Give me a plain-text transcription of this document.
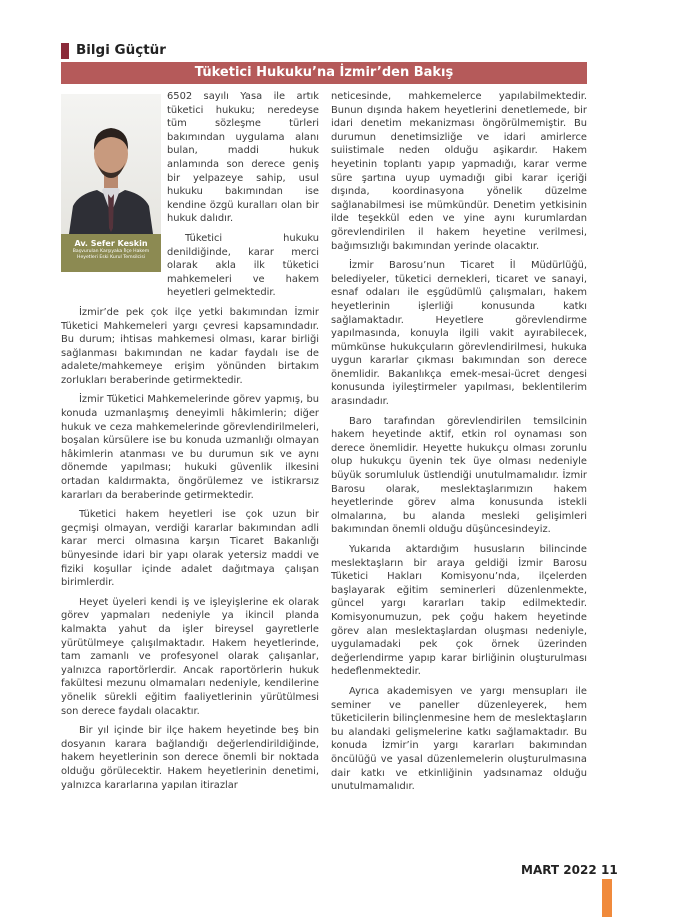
Bilgi Güçtür
Tüketici Hukuku’na İzmir’den Bakış
Av. Sefer Keskin
Başvurulan Karşıyaka İlçe Hakem Heyetleri Eski Kurul Temsilcisi

6502 sayılı Yasa ile artık tüketici hukuku; neredeyse tüm sözleşme türleri bakımından uygulama alanı bulan, maddi hukuk anlamında son derece geniş bir yelpazeye sahip, usul hukuku bakımından ise kendine özgü kuralları olan bir hukuk dalıdır.

Tüketici hukuku denildiğinde, karar merci olarak akla ilk tüketici mahkemeleri ve hakem heyetleri gelmektedir.

İzmir’de pek çok ilçe yetki bakımından İzmir Tüketici Mahkemeleri yargı çevresi kapsamındadır. Bu durum; ihtisas mahkemesi olması, karar birliği sağlanması bakımından ne kadar faydalı ise de adalete/mahkemeye erişim yönünden birtakım zorlukları beraberinde getirmektedir.

İzmir Tüketici Mahkemelerinde görev yapmış, bu konuda uzmanlaşmış deneyimli hâkimlerin; diğer hukuk ve ceza mahkemelerinde görevlendirilmeleri, boşalan kürsülere ise bu konuda uzmanlığı olmayan hâkimlerin atanması ve bu durumun sık ve aynı dönemde yapılması; hukuki güvenlik ilkesini ortadan kaldırmakta, öngörülemez ve istikrarsız kararları da beraberinde getirmektedir.

Tüketici hakem heyetleri ise çok uzun bir geçmişi olmayan, verdiği kararlar bakımından adli karar merci olmasına karşın Ticaret Bakanlığı bünyesinde idari bir yapı olarak yetersiz maddi ve fiziki koşullar içinde adalet dağıtmaya çalışan birimlerdir.

Heyet üyeleri kendi iş ve işleyişlerine ek olarak görev yapmaları nedeniyle ya ikincil planda kalmakta yahut da işler bireysel gayretlerle yürütülmeye çalışılmaktadır. Hakem heyetlerinde, tam zamanlı ve profesyonel olarak çalışanlar, yalnızca raportörlerdir. Ancak raportörlerin hukuk fakültesi mezunu olmamaları nedeniyle, kendilerine yönelik sürekli eğitim faaliyetlerinin yürütülmesi son derece faydalı olacaktır.

Bir yıl içinde bir ilçe hakem heyetinde beş bin dosyanın karara bağlandığı değerlendirildiğinde, hakem heyetlerinin son derece önemli bir noktada olduğu görülecektir. Hakem heyetlerinin denetimi, yalnızca kararlarına yapılan itirazlar

neticesinde, mahkemelerce yapılabilmektedir. Bunun dışında hakem heyetlerini denetlemede, bir idari denetim mekanizması öngörülmemiştir. Bu durumun denetimsizliğe ve idari amirlerce suiistimale neden olduğu aşikardır. Hakem heyetinin toplantı yapıp yapmadığı, karar verme süre şartına uyup uymadığı gibi karar içeriği dışında, koordinasyona yönelik düzelme sağlanabilmesi ise mümkündür. Denetim yetkisinin ilde teşekkül eden ve yine aynı kurumlardan görevlendirilen il hakem heyetine verilmesi, bağımsızlığı bakımından yerinde olacaktır.

İzmir Barosu’nun Ticaret İl Müdürlüğü, belediyeler, tüketici dernekleri, ticaret ve sanayi, esnaf odaları ile eşgüdümlü çalışmaları, hakem heyetlerinin işlerliği konusunda katkı sağlamaktadır. Heyetlere görevlendirme yapılmasında, konuyla ilgili vakit ayırabilecek, mümkünse hukukçuların görevlendirilmesi, hukuka uygun kararlar çıkması bakımından son derece önemlidir. Bakanlıkça emek-mesai-ücret dengesi konusunda iyileştirmeler yapılması, beklentilerim arasındadır.

Baro tarafından görevlendirilen temsilcinin hakem heyetinde aktif, etkin rol oynaması son derece önemlidir. Heyette hukukçu olması zorunlu olup hukukçu üyenin tek üye olması nedeniyle büyük sorumluluk üstlendiği unutulmamalıdır. İzmir Barosu olarak, meslektaşlarımızın hakem heyetlerinde görev alma konusunda istekli olmalarına, bu alanda mesleki gelişimleri bakımından önemli olduğu düşüncesindeyiz.

Yukarıda aktardığım hususların bilincinde meslektaşların bir araya geldiği İzmir Barosu Tüketici Hakları Komisyonu’nda, ilçelerden başlayarak eğitim seminerleri düzenlenmekte, güncel yargı kararları takip edilmektedir. Komisyonumuzun, pek çoğu hakem heyetinde görev alan meslektaşlardan oluşması nedeniyle, uygulamadaki pek çok örnek üzerinden değerlendirme yapıp karar birliğinin oluşturulması hedeflenmektedir.

Ayrıca akademisyen ve yargı mensupları ile seminer ve paneller düzenleyerek, hem tüketicilerin bilinçlenmesine hem de meslektaşların bu alandaki gelişmelerine katkı sağlamaktadır. Bu konuda İzmir’in yargı kararları bakımından öncülüğü ve yasal düzenlemelerin oluşturulmasına dair katkı ve etkinliğinin yadsınamaz olduğu unutulmamalıdır.

MART 2022 11
